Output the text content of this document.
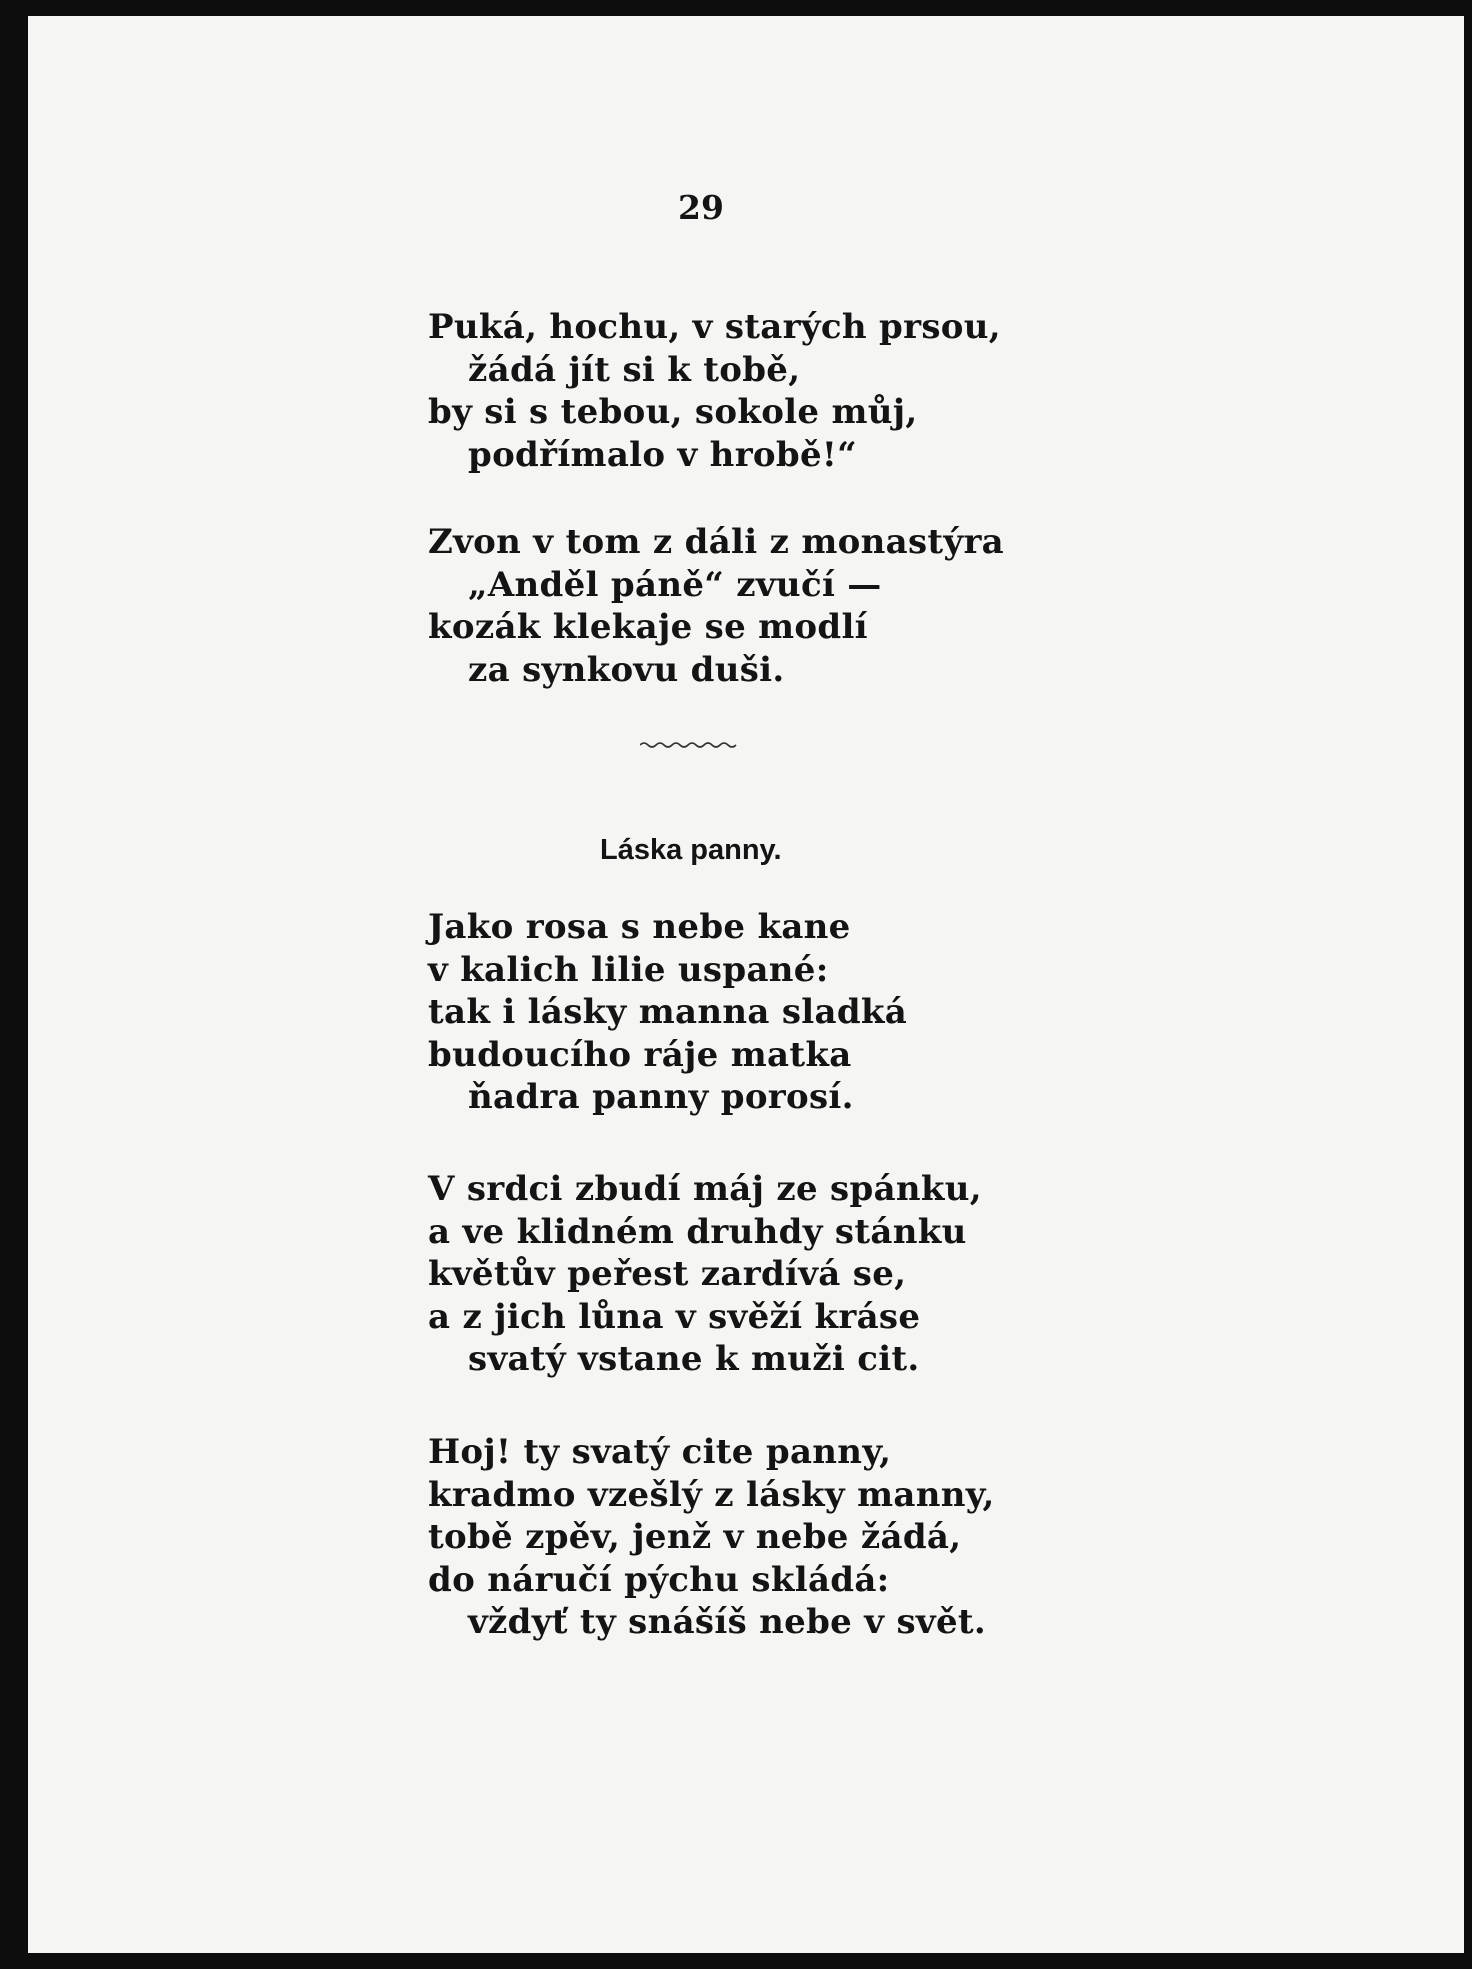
29
Puká, hochu, v starých prsou,
žádá jít si k tobě,
by si s tebou, sokole můj,
podřímalo v hrobě!“
Zvon v tom z dáli z monastýra
„Anděl páně“ zvučí —
kozák klekaje se modlí
za synkovu duši.
Láska panny.
Jako rosa s nebe kane
v kalich lilie uspané:
tak i lásky manna sladká
budoucího ráje matka
ňadra panny porosí.
V srdci zbudí máj ze spánku,
a ve klidném druhdy stánku
květův peřest zardívá se,
a z jich lůna v svěží kráse
svatý vstane k muži cit.
Hoj! ty svatý cite panny,
kradmo vzešlý z lásky manny,
tobě zpěv, jenž v nebe žádá,
do náručí pýchu skládá:
vždyť ty snášíš nebe v svět.
